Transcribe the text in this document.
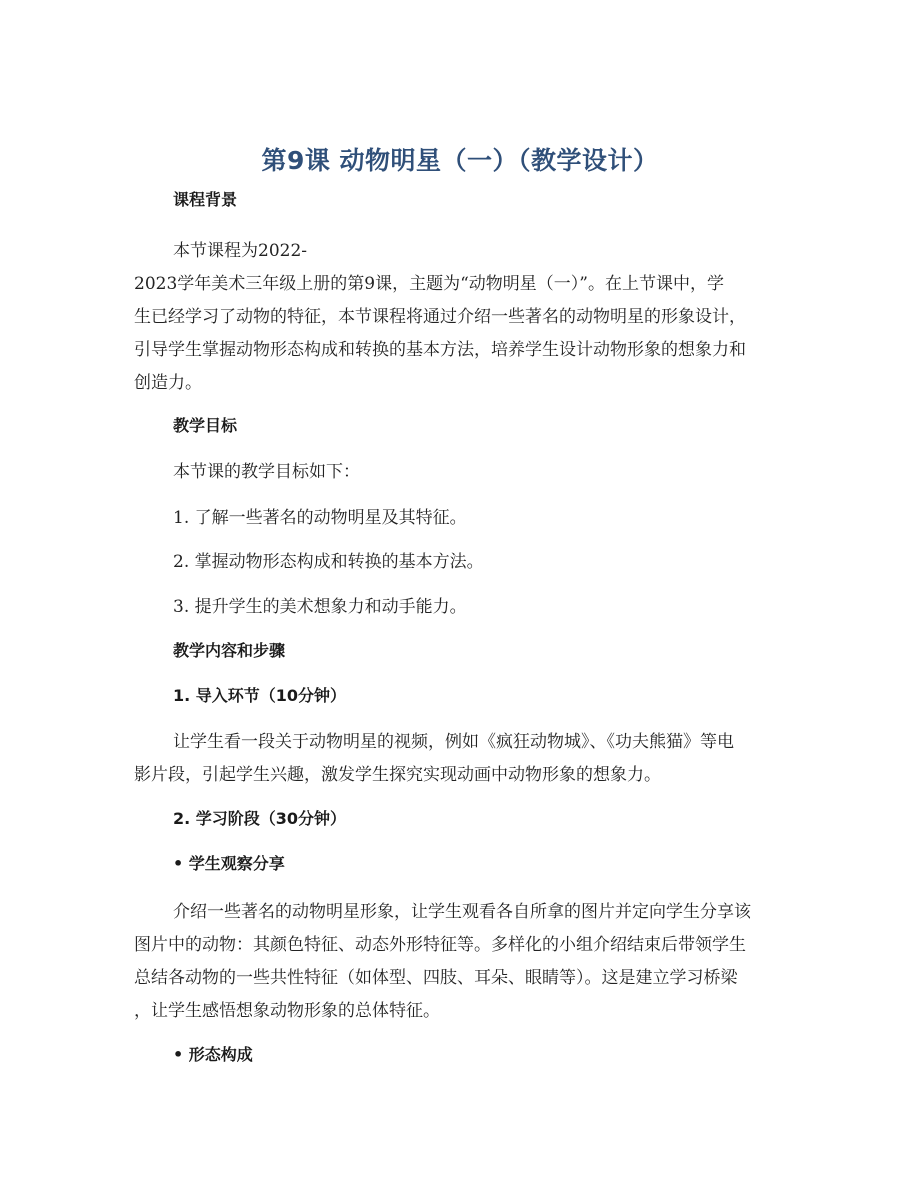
第9课 动物明星（一）（教学设计）
课程背景
本节课程为2022-
2023学年美术三年级上册的第9课，主题为“动物明星（一）”。在上节课中，学
生已经学习了动物的特征，本节课程将通过介绍一些著名的动物明星的形象设计，
引导学生掌握动物形态构成和转换的基本方法，培养学生设计动物形象的想象力和
创造力。
教学目标
本节课的教学目标如下：
1. 了解一些著名的动物明星及其特征。
2. 掌握动物形态构成和转换的基本方法。
3. 提升学生的美术想象力和动手能力。
教学内容和步骤
1. 导入环节（10分钟）
让学生看一段关于动物明星的视频，例如《疯狂动物城》、《功夫熊猫》等电
影片段，引起学生兴趣，激发学生探究实现动画中动物形象的想象力。
2. 学习阶段（30分钟）
• 学生观察分享
介绍一些著名的动物明星形象，让学生观看各自所拿的图片并定向学生分享该
图片中的动物：其颜色特征、动态外形特征等。多样化的小组介绍结束后带领学生
总结各动物的一些共性特征（如体型、四肢、耳朵、眼睛等）。这是建立学习桥梁
，让学生感悟想象动物形象的总体特征。
• 形态构成
